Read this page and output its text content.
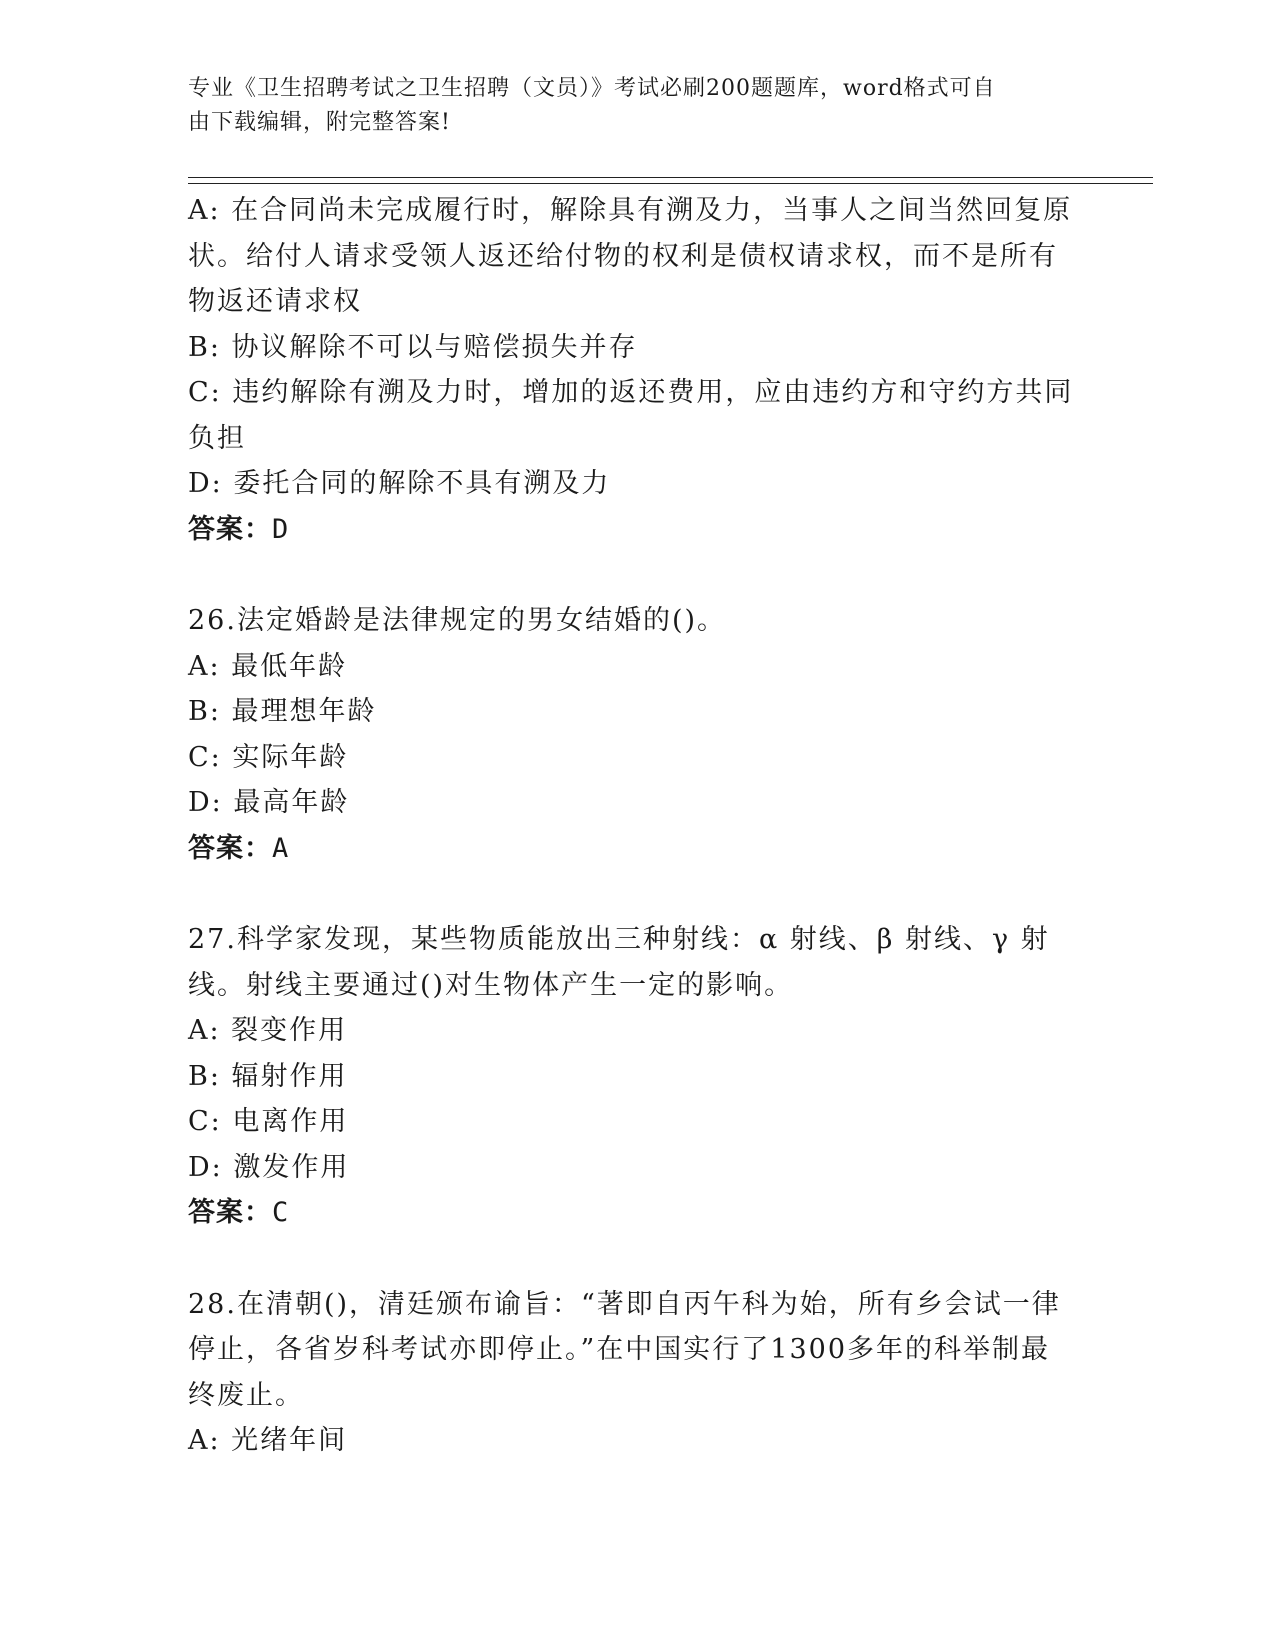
专业《卫生招聘考试之卫生招聘（文员）》考试必刷200题题库，word格式可自
由下载编辑，附完整答案!
A: 在合同尚未完成履行时，解除具有溯及力，当事人之间当然回复原
状。给付人请求受领人返还给付物的权利是债权请求权，而不是所有
物返还请求权
B: 协议解除不可以与赔偿损失并存
C: 违约解除有溯及力时，增加的返还费用，应由违约方和守约方共同
负担
D: 委托合同的解除不具有溯及力
答案：D
26.法定婚龄是法律规定的男女结婚的()。
A: 最低年龄
B: 最理想年龄
C: 实际年龄
D: 最高年龄
答案：A
27.科学家发现，某些物质能放出三种射线：α 射线、β 射线、γ 射
线。射线主要通过()对生物体产生一定的影响。
A: 裂变作用
B: 辐射作用
C: 电离作用
D: 激发作用
答案：C
28.在清朝()，清廷颁布谕旨：“著即自丙午科为始，所有乡会试一律
停止，各省岁科考试亦即停止。”在中国实行了1300多年的科举制最
终废止。
A: 光绪年间
